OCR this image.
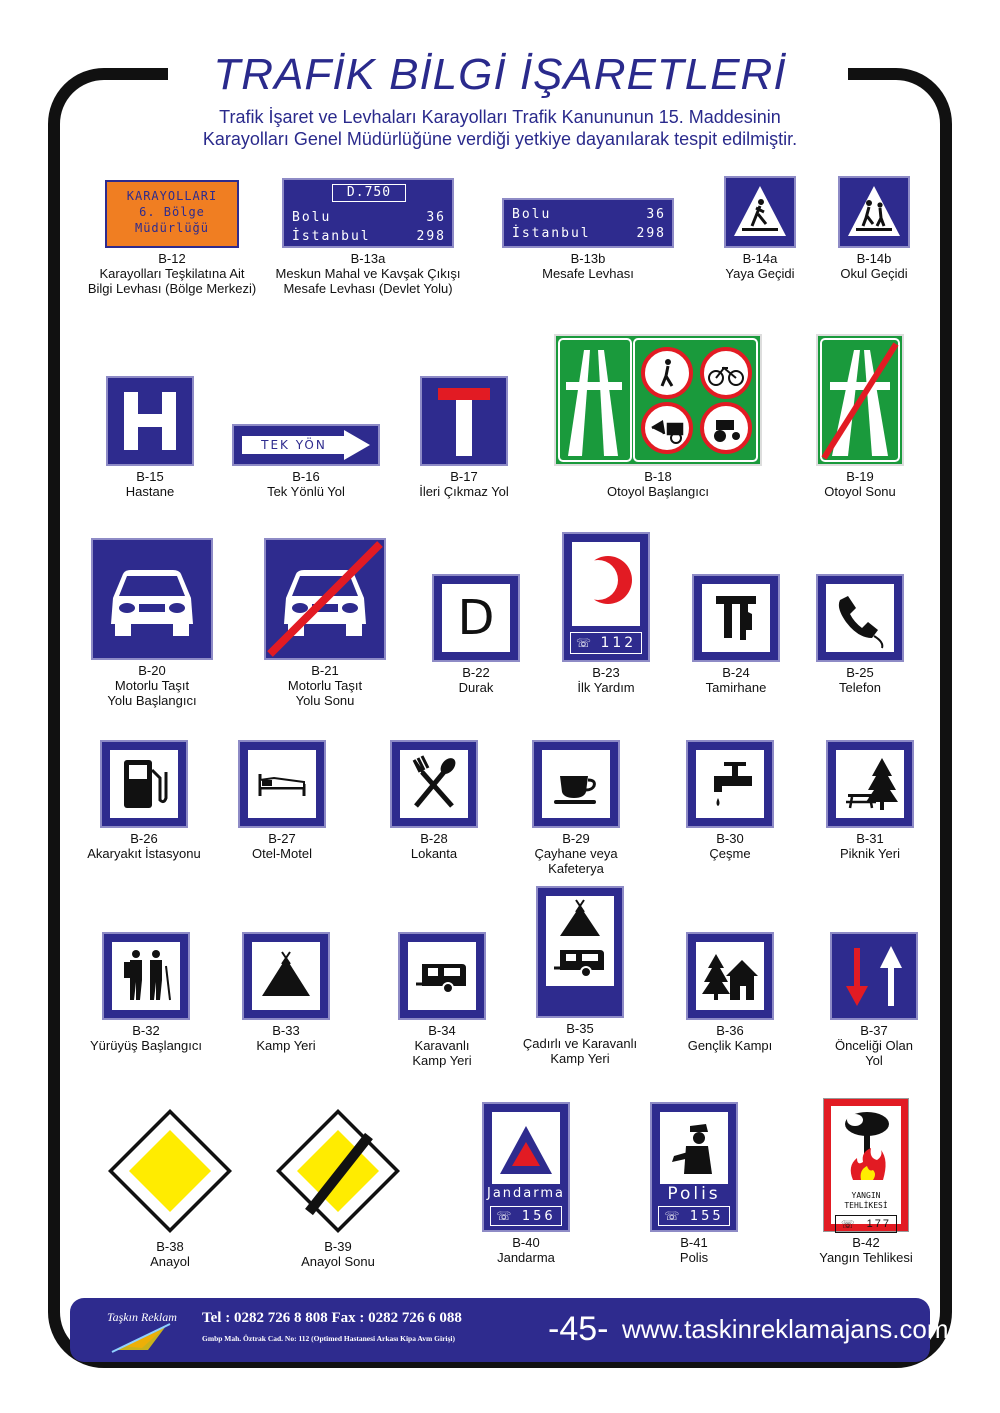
TRAFİK BİLGİ İŞARETLERİ
Trafik İşaret ve Levhaları Karayolları Trafik Kanununun 15. Maddesinin
Karayolları Genel Müdürlüğüne verdiği yetkiye dayanılarak tespit edilmiştir.
KARAYOLLARI
6. Bölge
Müdürlüğü
B-12
Karayolları Teşkilatına Ait
Bilgi Levhası (Bölge Merkezi)
D.750
Bolu	36
İstanbul	298
B-13a
Meskun Mahal ve Kavşak Çıkışı
Mesafe Levhası (Devlet Yolu)
Bolu	36
İstanbul	298
B-13b
Mesafe Levhası
B-14a
Yaya Geçidi
B-14b
Okul Geçidi
B-15
Hastane
TEK YÖN
B-16
Tek Yönlü Yol
B-17
İleri Çıkmaz Yol
B-18
Otoyol Başlangıcı
B-19
Otoyol Sonu
B-20
Motorlu Taşıt
Yolu Başlangıcı
B-21
Motorlu Taşıt
Yolu Sonu
D
B-22
Durak
☏ 112
B-23
İlk Yardım
B-24
Tamirhane
B-25
Telefon
B-26
Akaryakıt İstasyonu
B-27
Otel-Motel
B-28
Lokanta
B-29
Çayhane veya
Kafeterya
B-30
Çeşme
B-31
Piknik Yeri
B-32
Yürüyüş Başlangıcı
B-33
Kamp Yeri
B-34
Karavanlı
Kamp Yeri
B-35
Çadırlı ve Karavanlı
Kamp Yeri
B-36
Gençlik Kampı
B-37
Önceliği Olan
Yol
B-38
Anayol
B-39
Anayol Sonu
Jandarma
☏ 156
B-40
Jandarma
Polis
☏ 155
B-41
Polis
YANGIN TEHLİKESİ
☏ 177
B-42
Yangın Tehlikesi
Taşkın Reklam	Tel : 0282 726 8 808 Fax : 0282 726 6 088
Gmbp Mah. Öztrak Cad. No: 112 (Optimed Hastanesi Arkası Kipa Avm Girişi)	-45- www.taskinreklamajans.com
